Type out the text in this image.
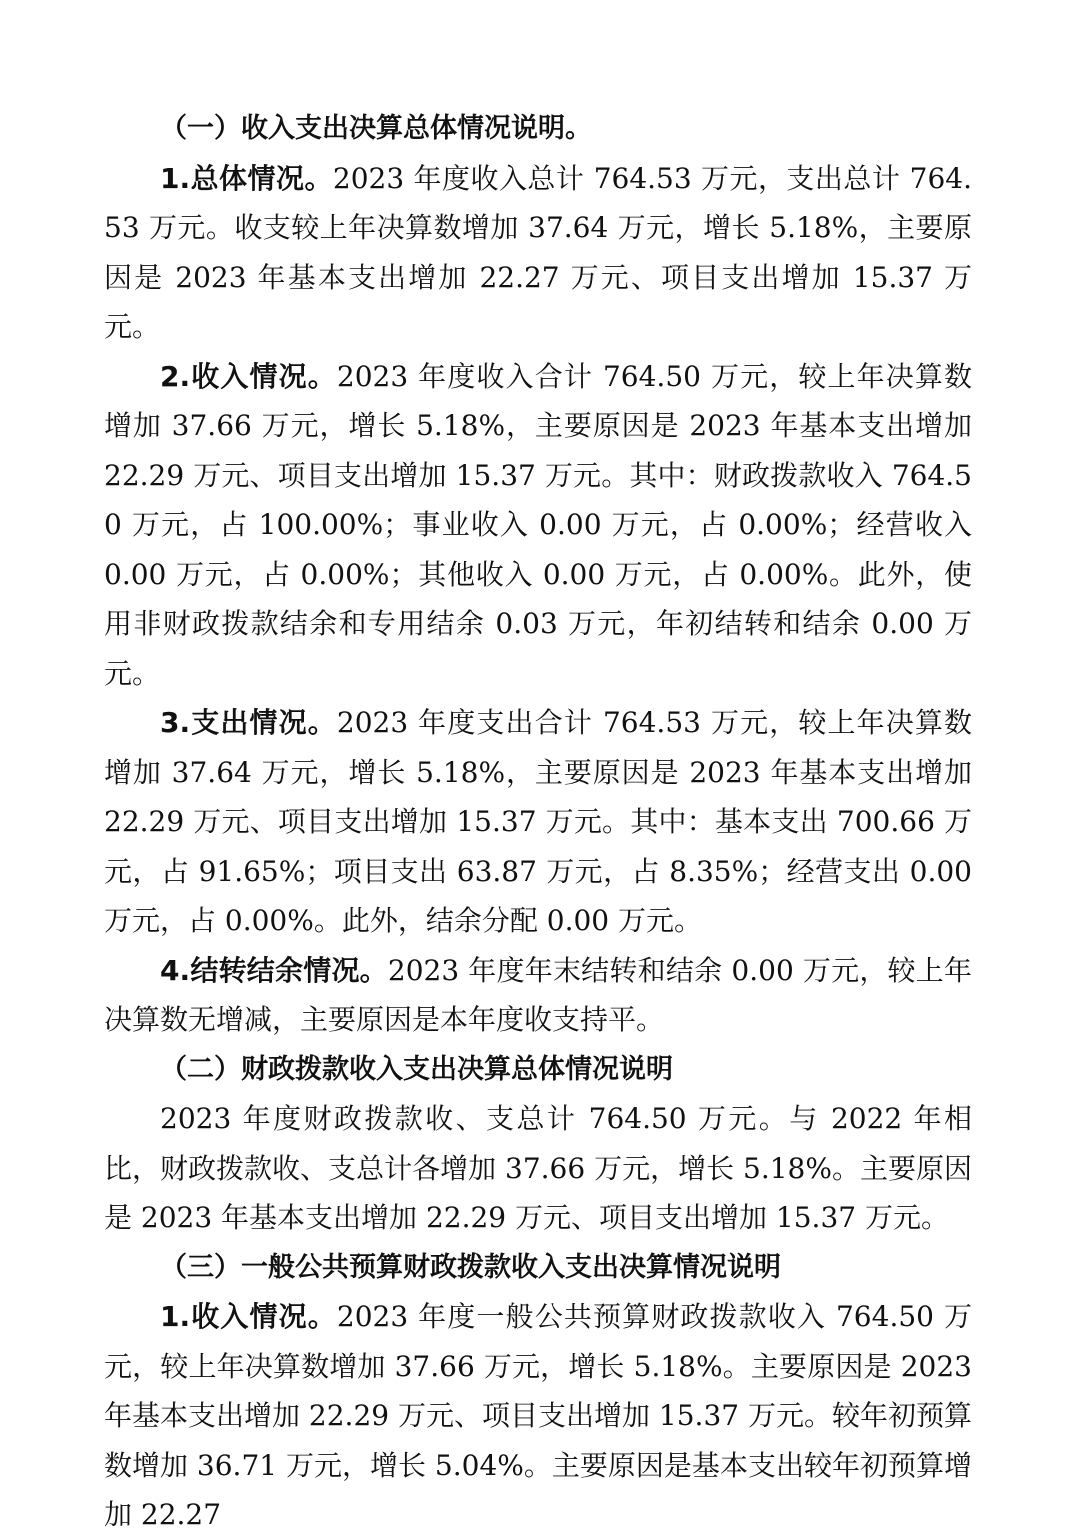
（一）收入支出决算总体情况说明。

1.总体情况。2023 年度收入总计 764.53 万元，支出总计 764.53 万元。收支较上年决算数增加 37.64 万元，增长 5.18%，主要原因是 2023 年基本支出增加 22.27 万元、项目支出增加 15.37 万元。

2.收入情况。2023 年度收入合计 764.50 万元，较上年决算数增加 37.66 万元，增长 5.18%，主要原因是 2023 年基本支出增加 22.29 万元、项目支出增加 15.37 万元。其中：财政拨款收入 764.50 万元，占 100.00%；事业收入 0.00 万元，占 0.00%；经营收入 0.00 万元，占 0.00%；其他收入 0.00 万元，占 0.00%。此外，使用非财政拨款结余和专用结余 0.03 万元，年初结转和结余 0.00 万元。

3.支出情况。2023 年度支出合计 764.53 万元，较上年决算数增加 37.64 万元，增长 5.18%，主要原因是 2023 年基本支出增加 22.29 万元、项目支出增加 15.37 万元。其中：基本支出 700.66 万元，占 91.65%；项目支出 63.87 万元，占 8.35%；经营支出 0.00 万元，占 0.00%。此外，结余分配 0.00 万元。

4.结转结余情况。2023 年度年末结转和结余 0.00 万元，较上年决算数无增减，主要原因是本年度收支持平。

（二）财政拨款收入支出决算总体情况说明

2023 年度财政拨款收、支总计 764.50 万元。与 2022 年相比，财政拨款收、支总计各增加 37.66 万元，增长 5.18%。主要原因是 2023 年基本支出增加 22.29 万元、项目支出增加 15.37 万元。

（三）一般公共预算财政拨款收入支出决算情况说明

1.收入情况。2023 年度一般公共预算财政拨款收入 764.50 万元，较上年决算数增加 37.66 万元，增长 5.18%。主要原因是 2023 年基本支出增加 22.29 万元、项目支出增加 15.37 万元。较年初预算数增加 36.71 万元，增长 5.04%。主要原因是基本支出较年初预算增加 22.27
